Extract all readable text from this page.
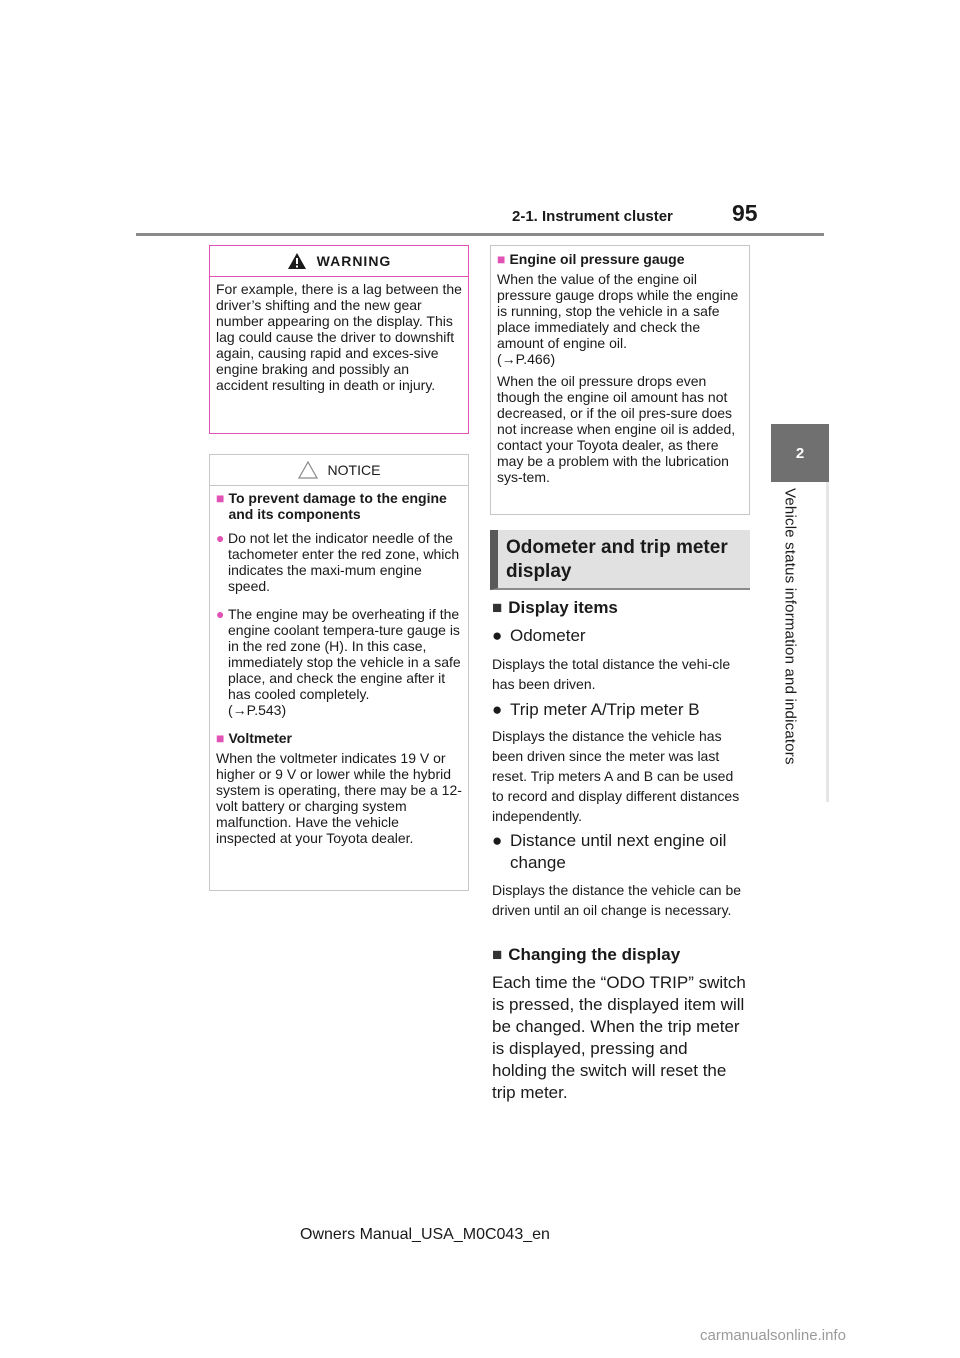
2-1. Instrument cluster	95
2
Vehicle status information and indicators
WARNING

For example, there is a lag between the driver’s shifting and the new gear number appearing on the display. This lag could cause the driver to downshift again, causing rapid and exces-sive engine braking and possibly an accident resulting in death or injury.

NOTICE
■ To prevent damage to the engine and its components
● Do not let the indicator needle of the tachometer enter the red zone, which indicates the maxi-mum engine speed.
● The engine may be overheating if the engine coolant tempera-ture gauge is in the red zone (H). In this case, immediately stop the vehicle in a safe place, and check the engine after it has cooled completely.
(→P.543)
■ Voltmeter

When the voltmeter indicates 19 V or higher or 9 V or lower while the hybrid system is operating, there may be a 12-volt battery or charging system malfunction. Have the vehicle inspected at your Toyota dealer.

■ Engine oil pressure gauge

When the value of the engine oil pressure gauge drops while the engine is running, stop the vehicle in a safe place immediately and check the amount of engine oil.
(→P.466)

When the oil pressure drops even though the engine oil amount has not decreased, or if the oil pres-sure does not increase when engine oil is added, contact your Toyota dealer, as there may be a problem with the lubrication sys-tem.

Odometer and trip meter display
■ Display items
● Odometer
Displays the total distance the vehi-cle has been driven.
● Trip meter A/Trip meter B
Displays the distance the vehicle has been driven since the meter was last reset. Trip meters A and B can be used to record and display different distances independently.
● Distance until next engine oil change
Displays the distance the vehicle can be driven until an oil change is necessary.
■ Changing the display
Each time the “ODO TRIP” switch is pressed, the displayed item will be changed. When the trip meter is displayed, pressing and holding the switch will reset the trip meter.
Owners Manual_USA_M0C043_en
carmanualsonline.info
